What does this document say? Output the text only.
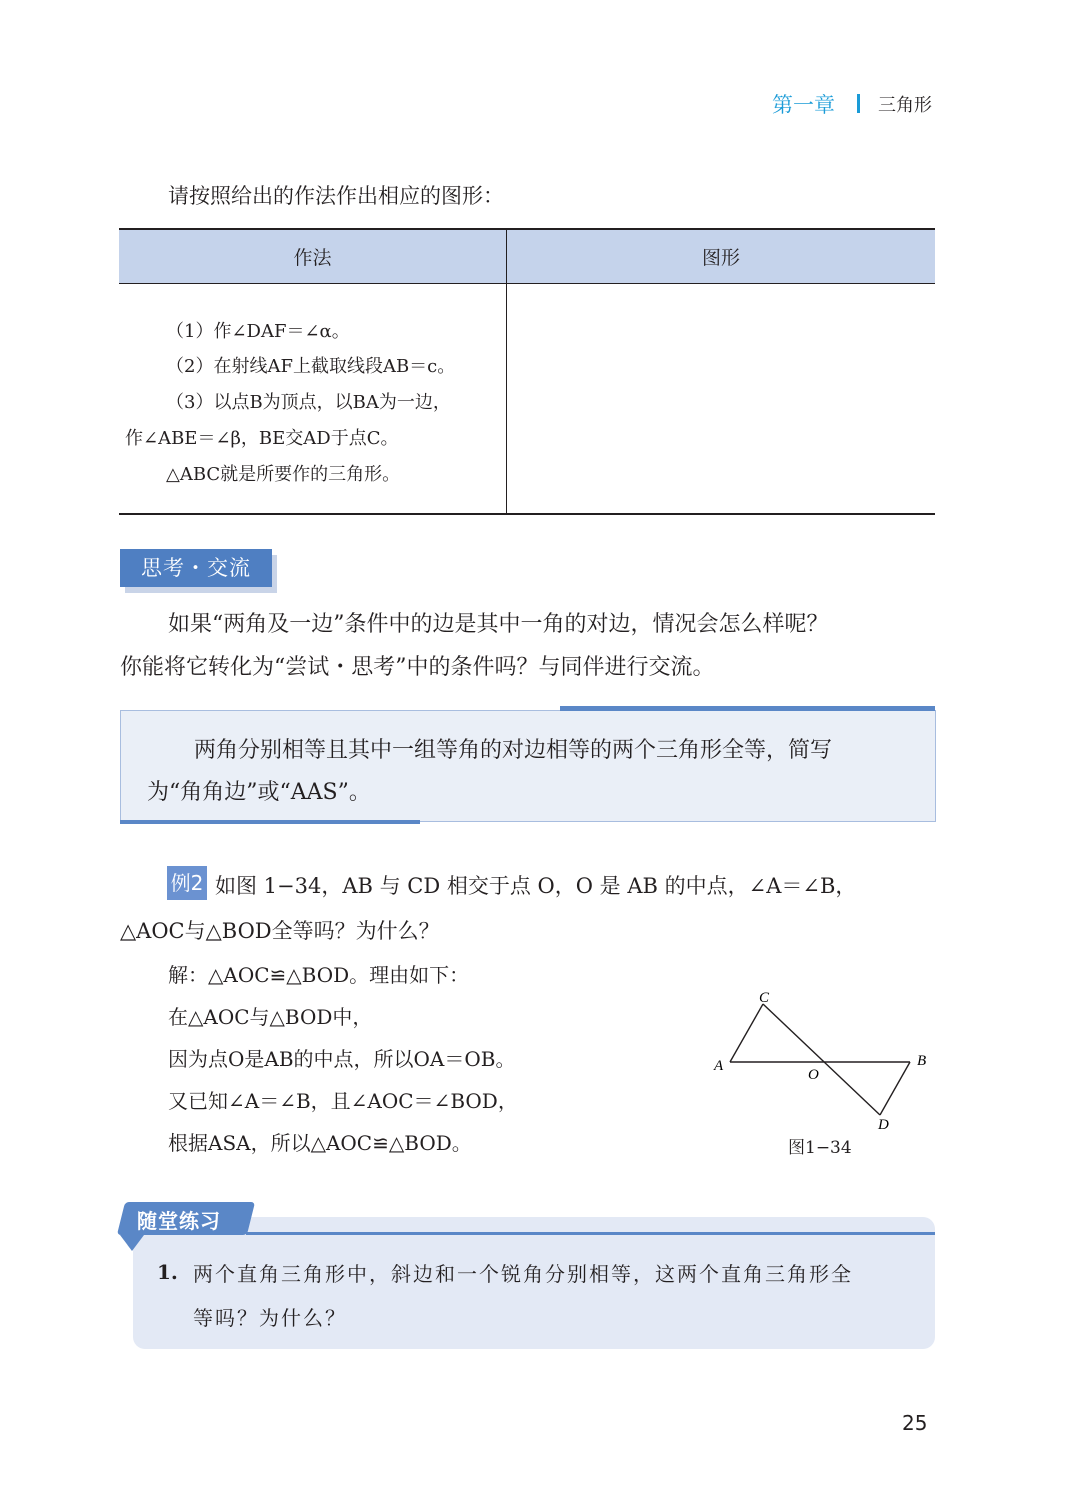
第一章 三角形
请按照给出的作法作出相应的图形：
作法	图形
（1）作∠DAF＝∠α。
（2）在射线AF上截取线段AB＝c。
（3）以点B为顶点，以BA为一边，
作∠ABE＝∠β，BE交AD于点C。
△ABC就是所要作的三角形。
思考・交流
如果“两角及一边”条件中的边是其中一角的对边，情况会怎么样呢？
你能将它转化为“尝试・思考”中的条件吗？与同伴进行交流。
两角分别相等且其中一组等角的对边相等的两个三角形全等，简写
为“角角边”或“AAS”。
例2 如图 1−34，AB 与 CD 相交于点 O，O 是 AB 的中点，∠A＝∠B，
△AOC与△BOD全等吗？为什么？
解：△AOC≌△BOD。理由如下：
在△AOC与△BOD中，
因为点O是AB的中点，所以OA＝OB。
又已知∠A＝∠B，且∠AOC＝∠BOD，
根据ASA，所以△AOC≌△BOD。
A	B
C
D
O
图1−34
随堂练习
1. 两个直角三角形中，斜边和一个锐角分别相等，这两个直角三角形全
等吗？为什么？
25
